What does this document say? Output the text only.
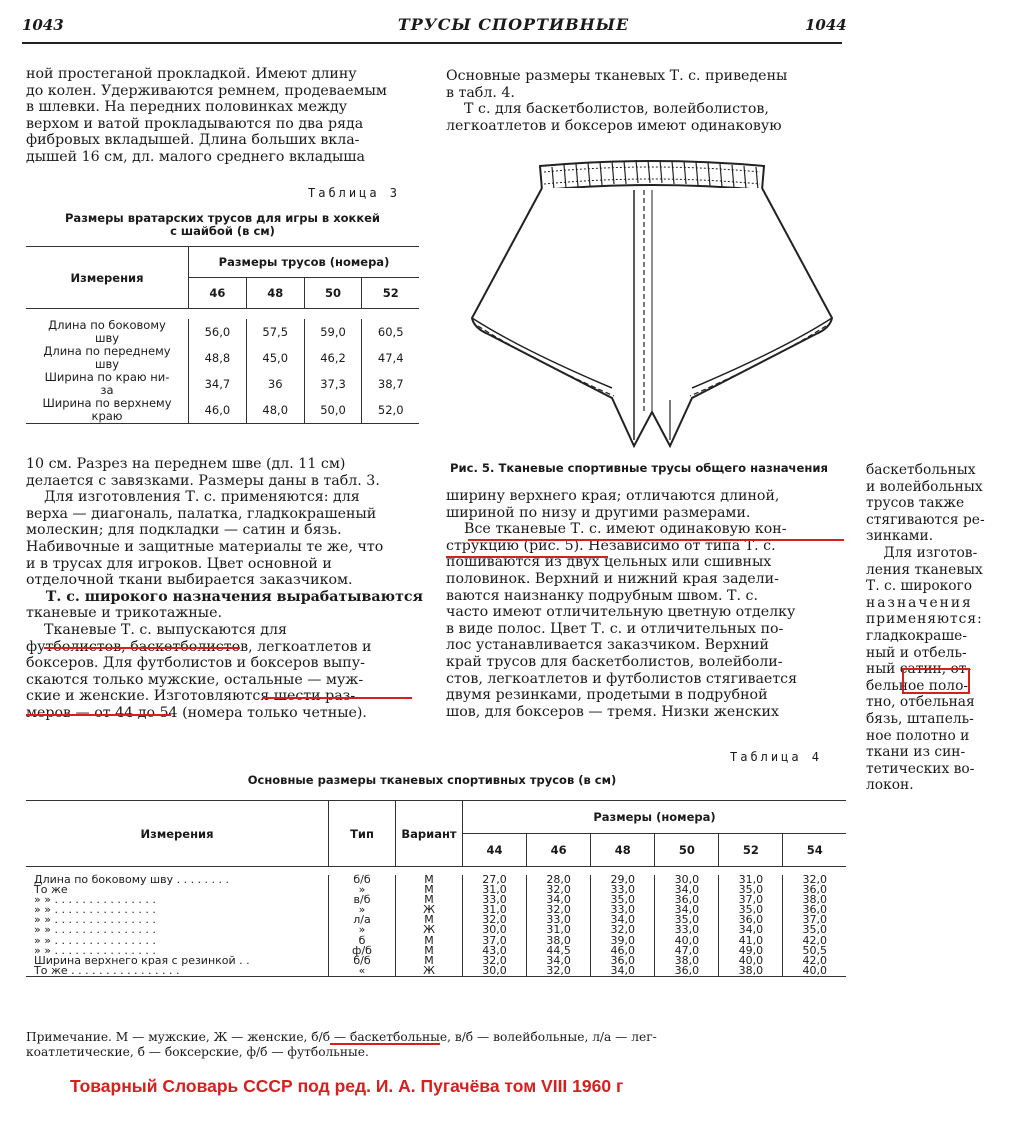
1043	ТРУСЫ СПОРТИВНЫЕ	1044
ной простеганой прокладкой. Имеют длину
до колен. Удерживаются ремнем, продеваемым
в шлевки. На передних половинках между
верхом и ватой прокладываются по два ряда
фибровых вкладышей. Длина больших вкла-
дышей 16 см, дл. малого среднего вкладыша
Таблица 3
Размеры вратарских трусов для игры в хоккей
с шайбой (в см)
Измерения	Размеры трусов (номера)			
	46	48	50	52

Длина по боковому
шву	56,0	57,5	59,0	60,5

Длина по переднему
шву	48,8	45,0	46,2	47,4

Ширина по краю ни-
за	34,7	36	37,3	38,7

Ширина по верхнему
краю	46,0	48,0	50,0	52,0
10 см. Разрез на переднем шве (дл. 11 см)
делается с завязками. Размеры даны в табл. 3.
Для изготовления Т. с. применяются: для
верха — диагональ, палатка, гладкокрашеный
молескин; для подкладки — сатин и бязь.
Набивочные и защитные материалы те же, что
и в трусах для игроков. Цвет основной и
отделочной ткани выбирается заказчиком.
Т. с. широкого назначения вырабатываются
тканевые и трикотажные.
Тканевые Т. с. выпускаются для
футболистов, баскетболистов, легкоатлетов и
боксеров. Для футболистов и боксеров выпу-
скаются только мужские, остальные — муж-
ские и женские. Изготовляются шести раз-
меров — от 44 до 54 (номера только четные).
Основные размеры тканевых Т. с. приведены
в табл. 4.
Т с. для баскетболистов, волейболистов,
легкоатлетов и боксеров имеют одинаковую
Рис. 5. Тканевые спортивные трусы общего назначения
ширину верхнего края; отличаются длиной,
шириной по низу и другими размерами.
Все тканевые Т. с. имеют одинаковую кон-
струкцию (рис. 5). Независимо от типа Т. с.
пошиваются из двух цельных или сшивных
половинок. Верхний и нижний края задели-
ваются наизнанку подрубным швом. Т. с.
часто имеют отличительную цветную отделку
в виде полос. Цвет Т. с. и отличительных по-
лос устанавливается заказчиком. Верхний
край трусов для баскетболистов, волейболи-
стов, легкоатлетов и футболистов стягивается
двумя резинками, продетыми в подрубной
шов, для боксеров — тремя. Низки женских
баскетбольных
и волейбольных
трусов также
стягиваются ре-
зинками.
Для изготов-
ления тканевых
Т. с. широкого
назначения
применяются:
гладкокраше-
ный и отбель-
ный сатин, от-
бельное поло-
тно, отбельная
бязь, штапель-
ное полотно и
ткани из син-
тетических во-
локон.
Таблица 4
Основные размеры тканевых спортивных трусов (в см)
Измерения	Тип	Вариант	Размеры (номера)					
			44	46	48	50	52	54

Длина по боковому шву . . . . . . . .	б/б	М	27,0	28,0	29,0	30,0	31,0	32,0
То же	»	М	31,0	32,0	33,0	34,0	35,0	36,0
» » . . . . . . . . . . . . . . .	в/б	М	33,0	34,0	35,0	36,0	37,0	38,0
» » . . . . . . . . . . . . . . .	»	Ж	31,0	32,0	33,0	34,0	35,0	36,0
» » . . . . . . . . . . . . . . .	л/а	М	32,0	33,0	34,0	35,0	36,0	37,0
» » . . . . . . . . . . . . . . .	»	Ж	30,0	31,0	32,0	33,0	34,0	35,0
» » . . . . . . . . . . . . . . .	б	М	37,0	38,0	39,0	40,0	41,0	42,0
» » . . . . . . . . . . . . . . .	ф/б	М	43,0	44,5	46,0	47,0	49,0	50,5
Ширина верхнего края с резинкой . .	б/б	М	32,0	34,0	36,0	38,0	40,0	42,0
То же . . . . . . . . . . . . . . . .	«	Ж	30,0	32,0	34,0	36,0	38,0	40,0

Примечание. М — мужские, Ж — женские, б/б — баскетбольные, в/б — волейбольные, л/а — лег-
коатлетические, б — боксерские, ф/б — футбольные.
Товарный Словарь СССР под ред. И. А. Пугачёва том VIII 1960 г
